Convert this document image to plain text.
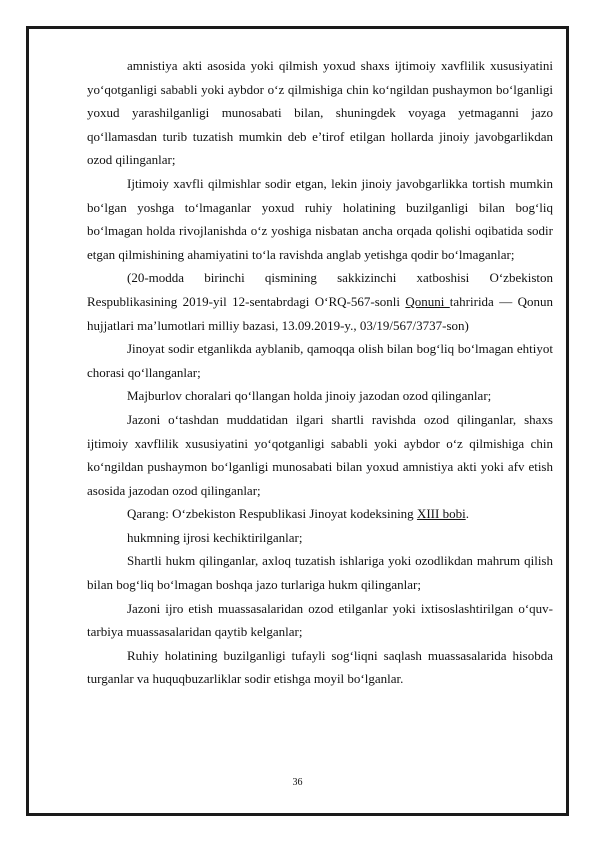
amnistiya akti asosida yoki qilmish yoxud shaxs ijtimoiy xavflilik xususiyatini yo‘qotganligi sababli yoki aybdor o‘z qilmishiga chin ko‘ngildan pushaymon bo‘lganligi yoxud yarashilganligi munosabati bilan, shuningdek voyaga yetmaganni jazo qo‘llamasdan turib tuzatish mumkin deb e’tirof etilgan hollarda jinoiy javobgarlikdan ozod qilinganlar;

Ijtimoiy xavfli qilmishlar sodir etgan, lekin jinoiy javobgarlikka tortish mumkin bo‘lgan yoshga to‘lmaganlar yoxud ruhiy holatining buzilganligi bilan bog‘liq bo‘lmagan holda rivojlanishda o‘z yoshiga nisbatan ancha orqada qolishi oqibatida sodir etgan qilmishining ahamiyatini to‘la ravishda anglab yetishga qodir bo‘lmaganlar;

(20-modda birinchi qismining sakkizinchi xatboshisi O‘zbekiston Respublikasining 2019-yil 12-sentabrdagi O‘RQ-567-sonli Qonuni tahririda — Qonun hujjatlari ma’lumotlari milliy bazasi, 13.09.2019-y., 03/19/567/3737-son)

Jinoyat sodir etganlikda ayblanib, qamoqqa olish bilan bog‘liq bo‘lmagan ehtiyot chorasi qo‘llanganlar;

Majburlov choralari qo‘llangan holda jinoiy jazodan ozod qilinganlar;

Jazoni o‘tashdan muddatidan ilgari shartli ravishda ozod qilinganlar, shaxs ijtimoiy xavflilik xususiyatini yo‘qotganligi sababli yoki aybdor o‘z qilmishiga chin ko‘ngildan pushaymon bo‘lganligi munosabati bilan yoxud amnistiya akti yoki afv etish asosida jazodan ozod qilinganlar;

Qarang: O‘zbekiston Respublikasi Jinoyat kodeksining XIII bobi.

hukmning ijrosi kechiktirilganlar;

Shartli hukm qilinganlar, axloq tuzatish ishlariga yoki ozodlikdan mahrum qilish bilan bog‘liq bo‘lmagan boshqa jazo turlariga hukm qilinganlar;

Jazoni ijro etish muassasalaridan ozod etilganlar yoki ixtisoslashtirilgan o‘quv-tarbiya muassasalaridan qaytib kelganlar;

Ruhiy holatining buzilganligi tufayli sog‘liqni saqlash muassasalarida hisobda turganlar va huquqbuzarliklar sodir etishga moyil bo‘lganlar.

36
